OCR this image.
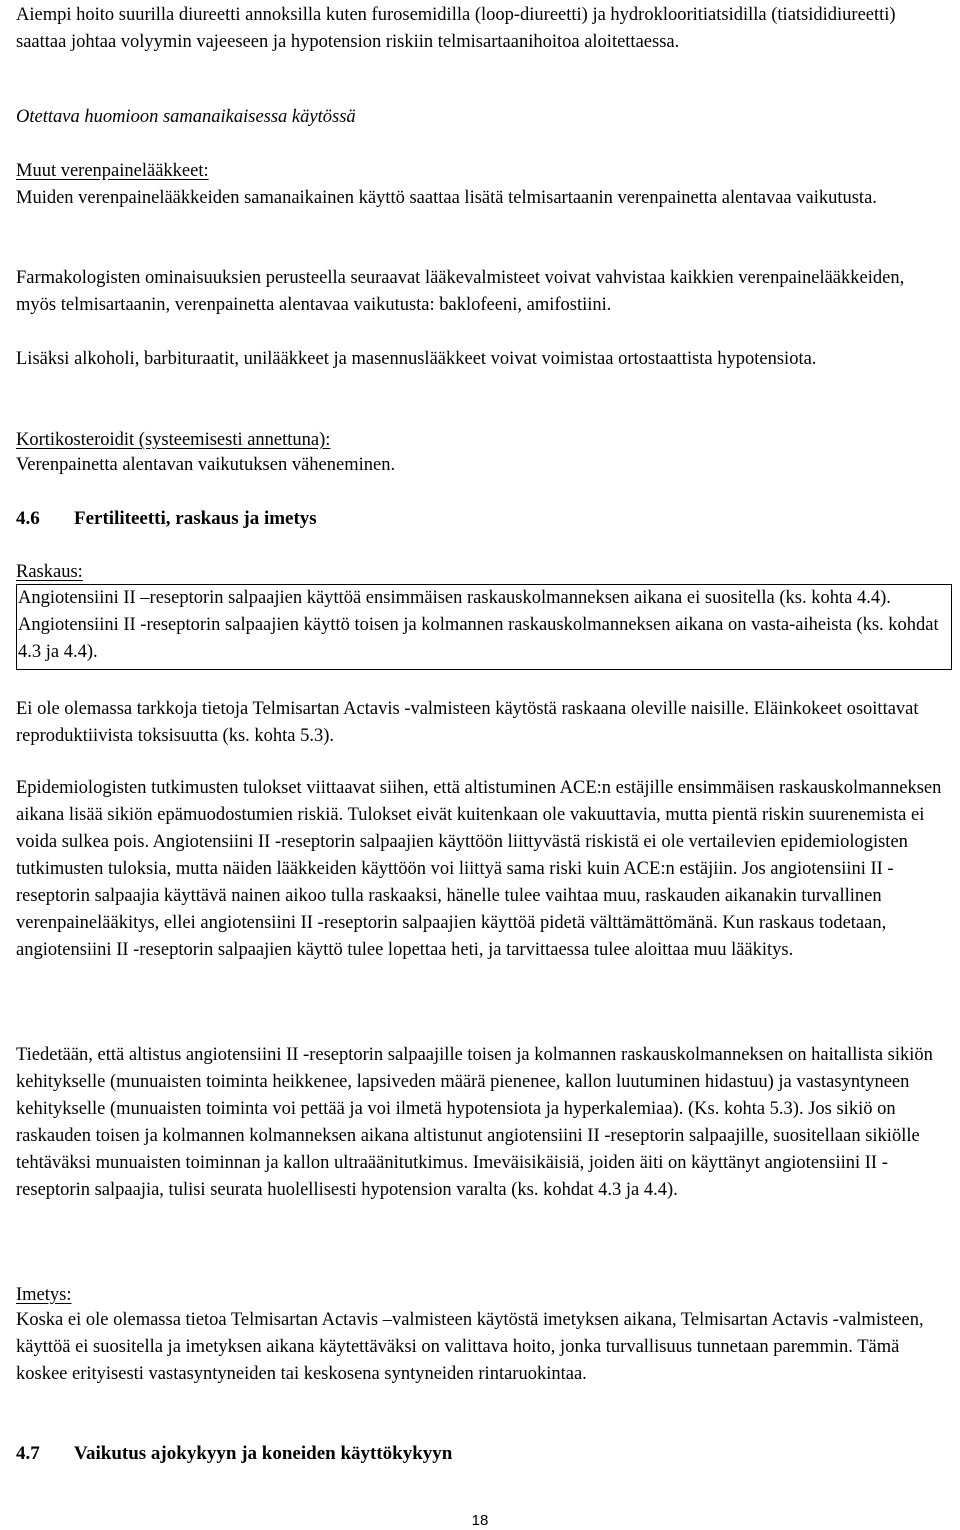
Aiempi hoito suurilla diureetti annoksilla kuten furosemidilla (loop-diureetti) ja hydroklooritiatsidilla (tiatsididiureetti) saattaa johtaa volyymin vajeeseen ja hypotension riskiin telmisartaanihoitoa aloitettaessa.

Otettava huomioon samanaikaisessa käytössä

Muut verenpainelääkkeet:

Muiden verenpainelääkkeiden samanaikainen käyttö saattaa lisätä telmisartaanin verenpainetta alentavaa vaikutusta.

Farmakologisten ominaisuuksien perusteella seuraavat lääkevalmisteet voivat vahvistaa kaikkien verenpainelääkkeiden, myös telmisartaanin, verenpainetta alentavaa vaikutusta: baklofeeni, amifostiini.

Lisäksi alkoholi, barbituraatit, unilääkkeet ja masennuslääkkeet voivat voimistaa ortostaattista hypotensiota.

Kortikosteroidit (systeemisesti annettuna):

Verenpainetta alentavan vaikutuksen väheneminen.

4.6 Fertiliteetti, raskaus ja imetys

Raskaus:

Angiotensiini II –reseptorin salpaajien käyttöä ensimmäisen raskauskolmanneksen aikana ei suositella (ks. kohta 4.4). Angiotensiini II -reseptorin salpaajien käyttö toisen ja kolmannen raskauskolmanneksen aikana on vasta-aiheista (ks. kohdat 4.3 ja 4.4).

Ei ole olemassa tarkkoja tietoja Telmisartan Actavis -valmisteen käytöstä raskaana oleville naisille. Eläinkokeet osoittavat reproduktiivista toksisuutta (ks. kohta 5.3).

Epidemiologisten tutkimusten tulokset viittaavat siihen, että altistuminen ACE:n estäjille ensimmäisen raskauskolmanneksen aikana lisää sikiön epämuodostumien riskiä. Tulokset eivät kuitenkaan ole vakuuttavia, mutta pientä riskin suurenemista ei voida sulkea pois. Angiotensiini II -reseptorin salpaajien käyttöön liittyvästä riskistä ei ole vertailevien epidemiologisten tutkimusten tuloksia, mutta näiden lääkkeiden käyttöön voi liittyä sama riski kuin ACE:n estäjiin. Jos angiotensiini II -reseptorin salpaajia käyttävä nainen aikoo tulla raskaaksi, hänelle tulee vaihtaa muu, raskauden aikanakin turvallinen verenpainelääkitys, ellei angiotensiini II -reseptorin salpaajien käyttöä pidetä välttämättömänä. Kun raskaus todetaan, angiotensiini II -reseptorin salpaajien käyttö tulee lopettaa heti, ja tarvittaessa tulee aloittaa muu lääkitys.

Tiedetään, että altistus angiotensiini II -reseptorin salpaajille toisen ja kolmannen raskauskolmanneksen on haitallista sikiön kehitykselle (munuaisten toiminta heikkenee, lapsiveden määrä pienenee, kallon luutuminen hidastuu) ja vastasyntyneen kehitykselle (munuaisten toiminta voi pettää ja voi ilmetä hypotensiota ja hyperkalemiaa). (Ks. kohta 5.3). Jos sikiö on raskauden toisen ja kolmannen kolmanneksen aikana altistunut angiotensiini II -reseptorin salpaajille, suositellaan sikiölle tehtäväksi munuaisten toiminnan ja kallon ultraäänitutkimus. Imeväisikäisiä, joiden äiti on käyttänyt angiotensiini II -reseptorin salpaajia, tulisi seurata huolellisesti hypotension varalta (ks. kohdat 4.3 ja 4.4).

Imetys:

Koska ei ole olemassa tietoa Telmisartan Actavis –valmisteen käytöstä imetyksen aikana, Telmisartan Actavis -valmisteen, käyttöä ei suositella ja imetyksen aikana käytettäväksi on valittava hoito, jonka turvallisuus tunnetaan paremmin. Tämä koskee erityisesti vastasyntyneiden tai keskosena syntyneiden rintaruokintaa.

4.7 Vaikutus ajokykyyn ja koneiden käyttökykyyn
18
